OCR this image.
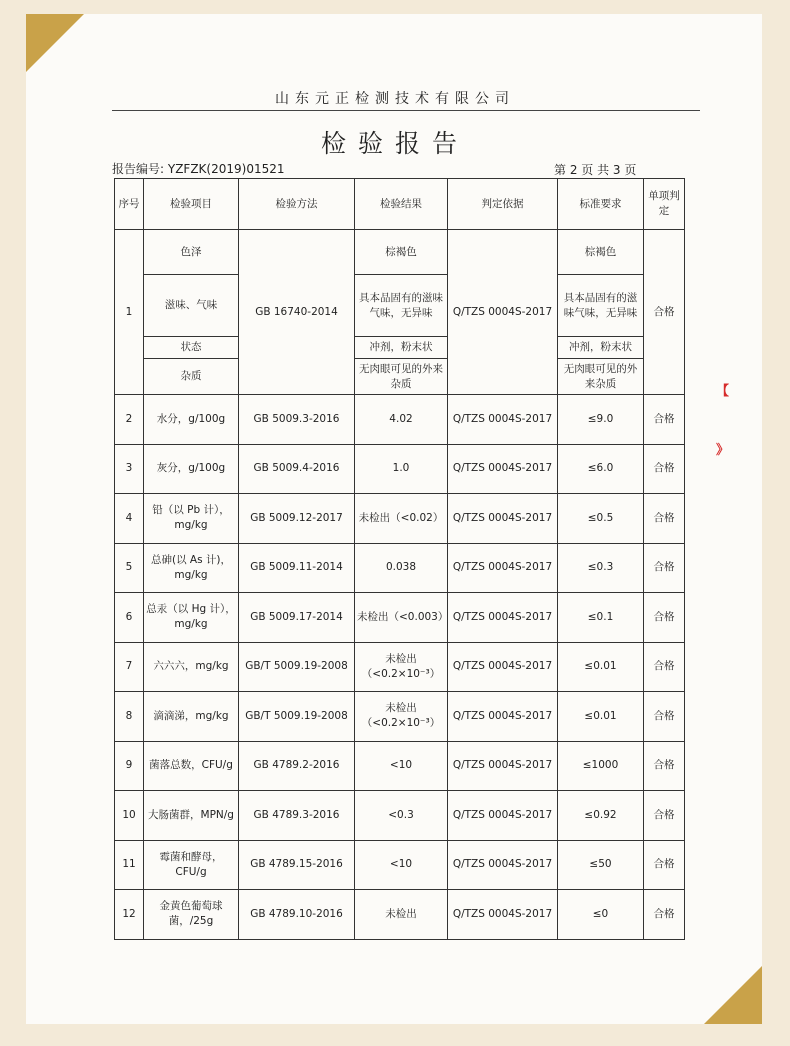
山东元正检测技术有限公司
检验报告
报告编号: YZFZK(2019)01521	第 2 页 共 3 页
【
》
序号	检验项目	检验方法	检验结果	判定依据	标准要求	单项判定
1	色泽	GB 16740-2014	棕褐色	Q/TZS 0004S-2017	棕褐色	合格
	滋味、气味		具本品固有的滋味气味，无异味		具本品固有的滋味气味，无异味	
	状态		冲剂，粉末状		冲剂，粉末状	
	杂质		无肉眼可见的外来杂质		无肉眼可见的外来杂质	
2	水分，g/100g	GB 5009.3-2016	4.02	Q/TZS 0004S-2017	≤9.0	合格
3	灰分，g/100g	GB 5009.4-2016	1.0	Q/TZS 0004S-2017	≤6.0	合格
4	铅（以 Pb 计），mg/kg	GB 5009.12-2017	未检出（<0.02）	Q/TZS 0004S-2017	≤0.5	合格
5	总砷(以 As 计)，mg/kg	GB 5009.11-2014	0.038	Q/TZS 0004S-2017	≤0.3	合格
6	总汞（以 Hg 计），mg/kg	GB 5009.17-2014	未检出（<0.003）	Q/TZS 0004S-2017	≤0.1	合格
7	六六六，mg/kg	GB/T 5009.19-2008	未检出（<0.2×10⁻³）	Q/TZS 0004S-2017	≤0.01	合格
8	滴滴涕，mg/kg	GB/T 5009.19-2008	未检出（<0.2×10⁻³）	Q/TZS 0004S-2017	≤0.01	合格
9	菌落总数，CFU/g	GB 4789.2-2016	<10	Q/TZS 0004S-2017	≤1000	合格
10	大肠菌群，MPN/g	GB 4789.3-2016	<0.3	Q/TZS 0004S-2017	≤0.92	合格
11	霉菌和酵母，CFU/g	GB 4789.15-2016	<10	Q/TZS 0004S-2017	≤50	合格
12	金黄色葡萄球菌，/25g	GB 4789.10-2016	未检出	Q/TZS 0004S-2017	≤0	合格
